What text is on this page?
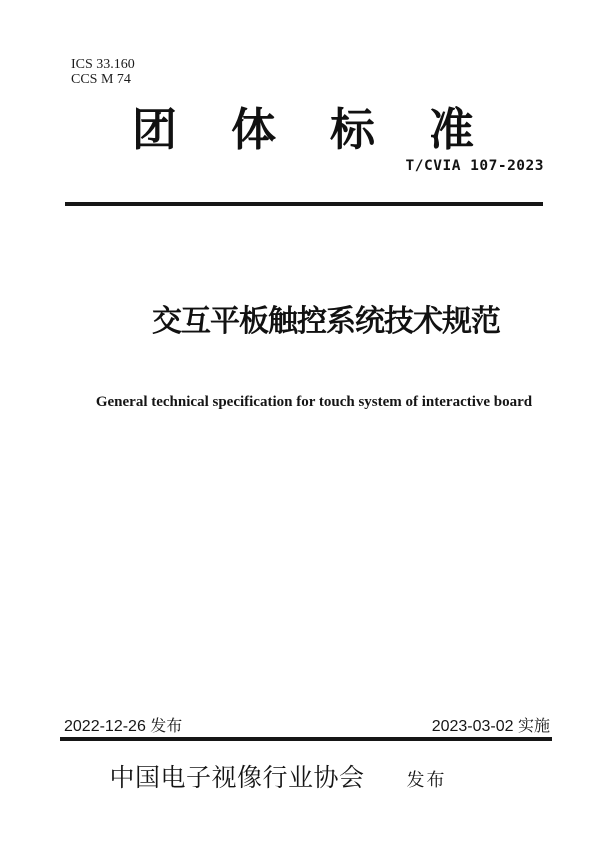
ICS 33.160
CCS M 74
团 体 标 准
T/CVIA 107-2023
交互平板触控系统技术规范
General technical specification for touch system of interactive board
2022-12-26 发布	2023-03-02 实施
中国电子视像行业协会 发布
